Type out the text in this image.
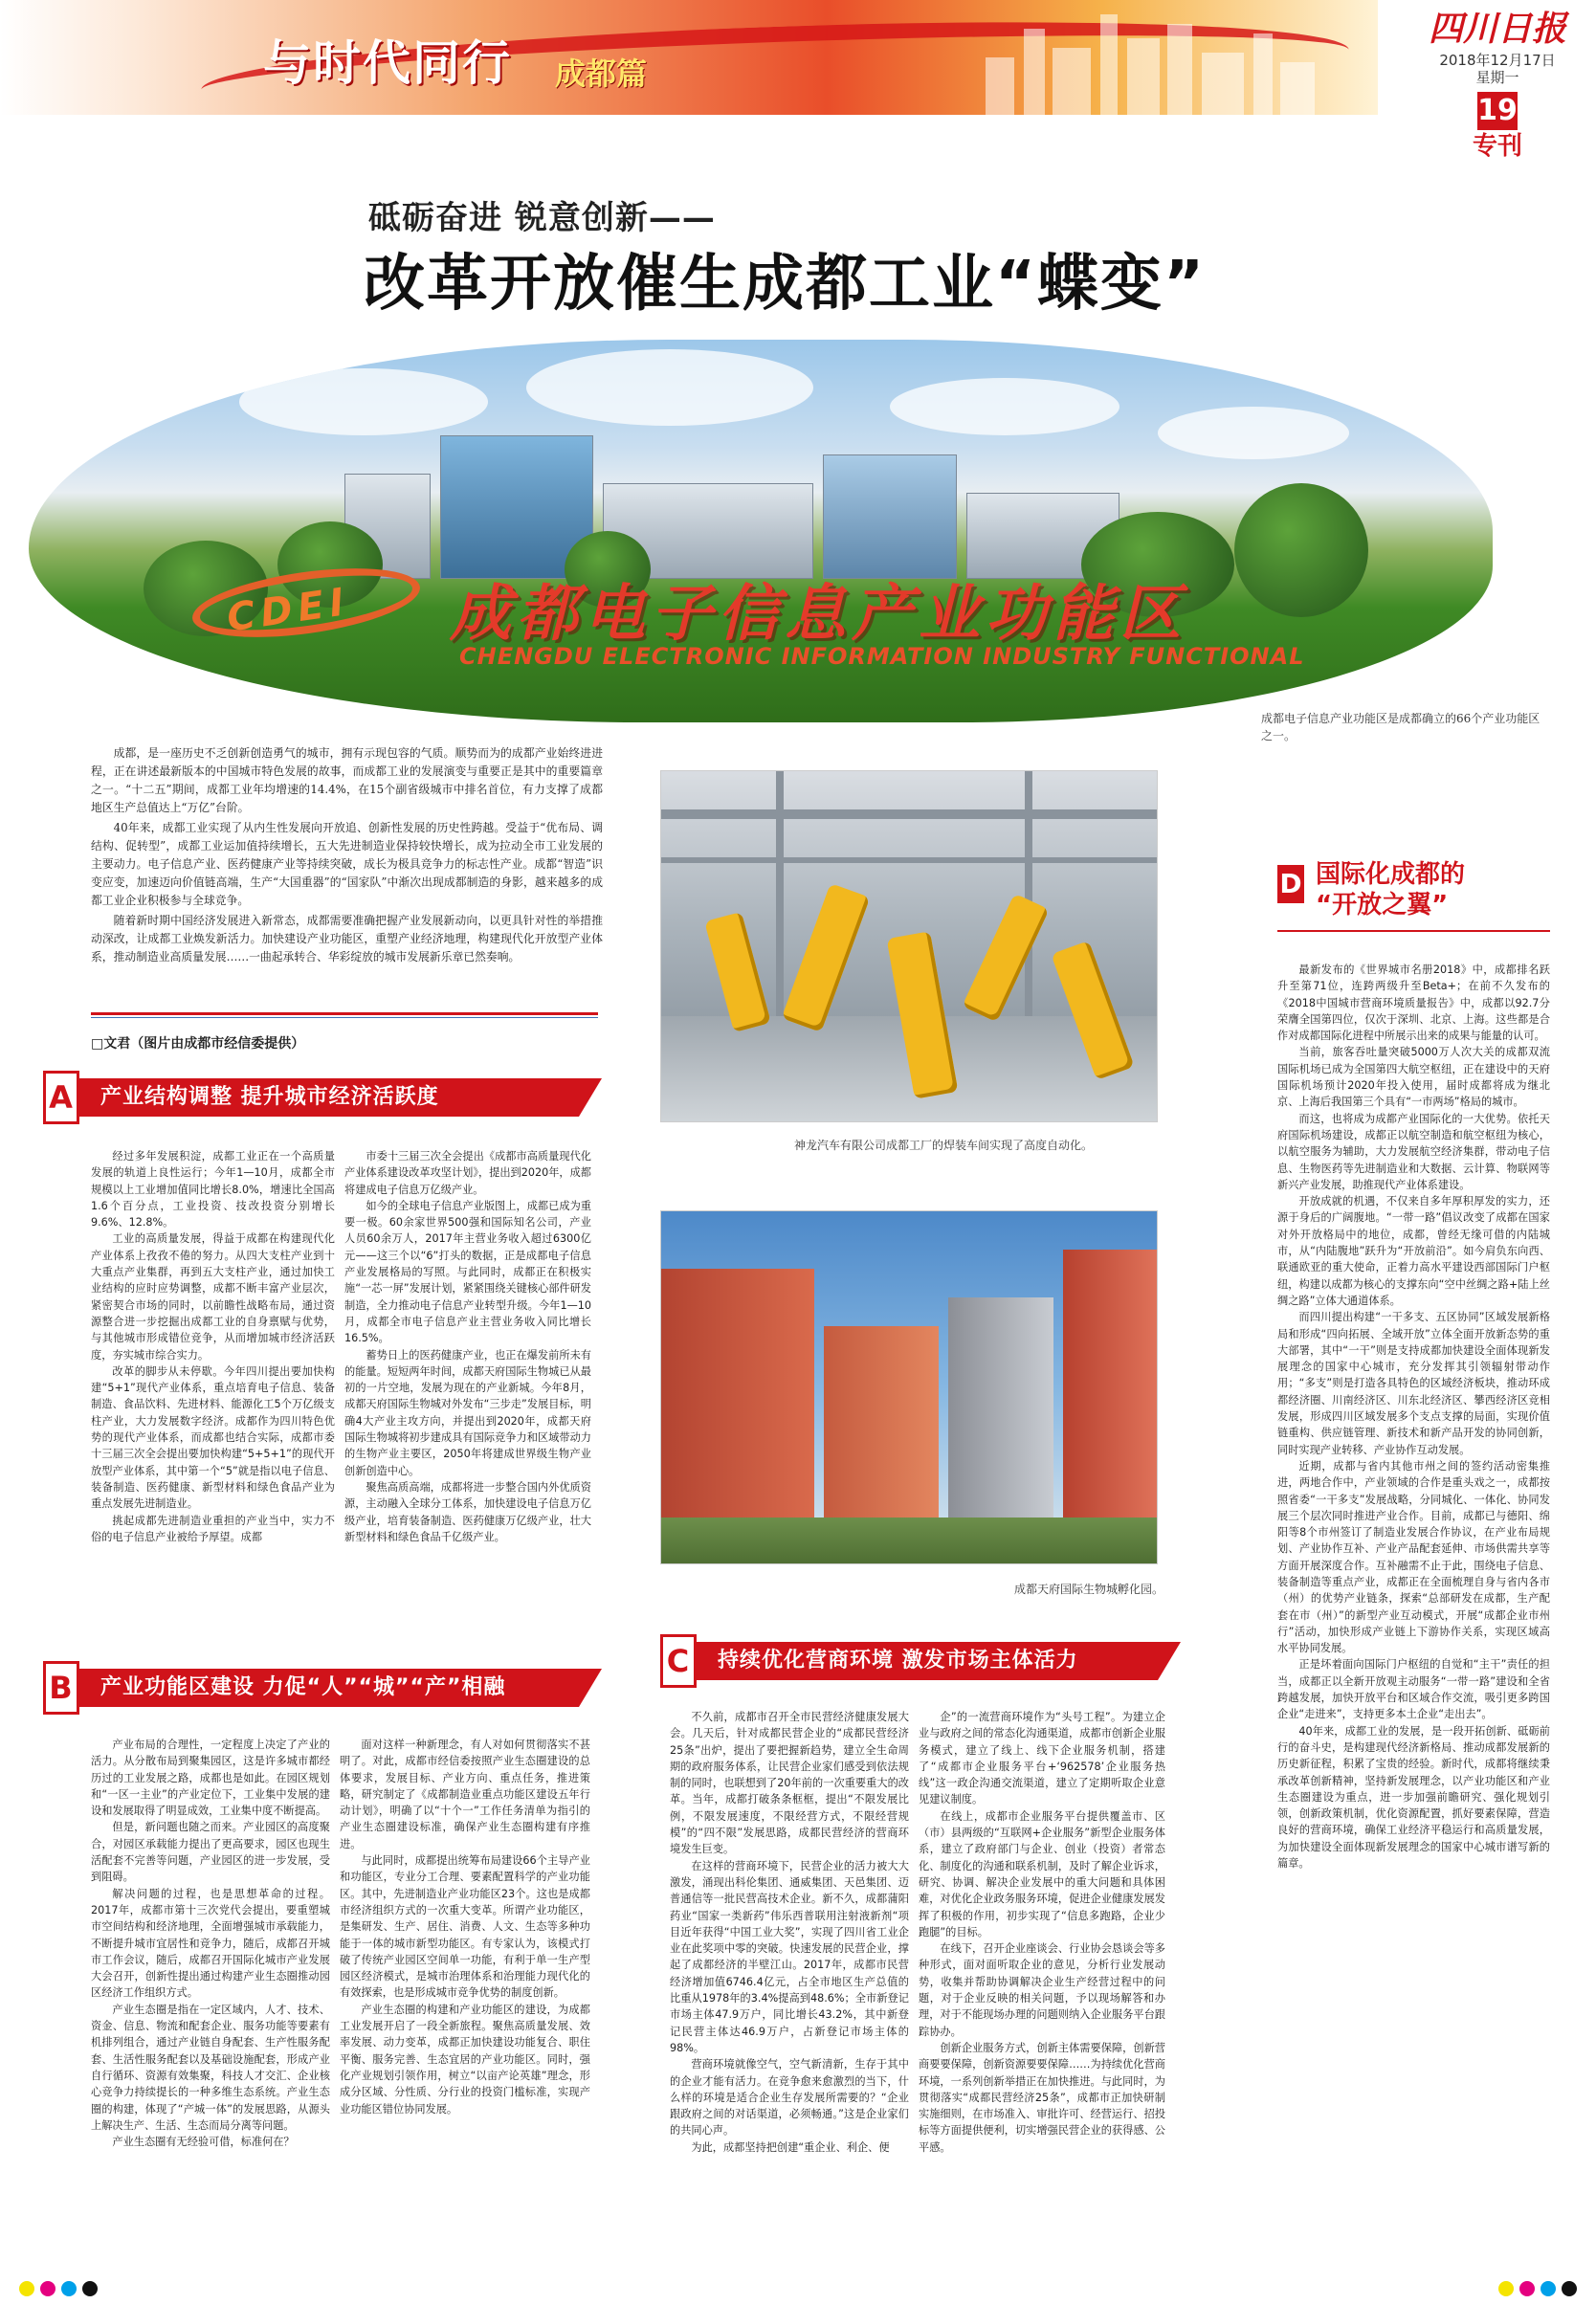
与时代同行 成都篇
四川日报
2018年12月17日
星期一
19
专刊
砥砺奋进 锐意创新——
改革开放催生成都工业“蝶变”
CDEI 成都电子信息产业功能区
CHENGDU ELECTRONIC INFORMATION INDUSTRY FUNCTIONAL
成都电子信息产业功能区是成都确立的66个产业功能区之一。

成都，是一座历史不乏创新创造勇气的城市，拥有示现包容的气质。顺势而为的成都产业始终进进程，正在讲述最新版本的中国城市特色发展的故事，而成都工业的发展演变与重要正是其中的重要篇章之一。“十二五”期间，成都工业年均增速的14.4%，在15个副省级城市中排名首位，有力支撑了成都地区生产总值达上“万亿”台阶。

40年来，成都工业实现了从内生性发展向开放追、创新性发展的历史性跨越。受益于“优布局、调结构、促转型”，成都工业运加值持续增长，五大先进制造业保持较快增长，成为拉动全市工业发展的主要动力。电子信息产业、医药健康产业等持续突破，成长为极具竞争力的标志性产业。成都“智造”识变应变，加速迈向价值链高端，生产“大国重器”的“国家队”中渐次出现成都制造的身影，越来越多的成都工业企业积极参与全球竞争。

随着新时期中国经济发展进入新常态，成都需要准确把握产业发展新动向，以更具针对性的举措推动深改，让成都工业焕发新活力。加快建设产业功能区，重塑产业经济地理，构建现代化开放型产业体系，推动制造业高质量发展……一曲起承转合、华彩绽放的城市发展新乐章已然奏响。

□文君（图片由成都市经信委提供）
神龙汽车有限公司成都工厂的焊装车间实现了高度自动化。
成都天府国际生物城孵化园。
A 产业结构调整 提升城市经济活跃度

经过多年发展积淀，成都工业正在一个高质量发展的轨道上良性运行；今年1—10月，成都全市规模以上工业增加值同比增长8.0%，增速比全国高1.6个百分点，工业投资、技改投资分别增长9.6%、12.8%。

工业的高质量发展，得益于成都在构建现代化产业体系上孜孜不倦的努力。从四大支柱产业到十大重点产业集群，再到五大支柱产业，通过加快工业结构的应时应势调整，成都不断丰富产业层次，紧密契合市场的同时，以前瞻性战略布局，通过资源整合进一步挖掘出成都工业的自身禀赋与优势，与其他城市形成错位竞争，从而增加城市经济活跃度，夯实城市综合实力。

改革的脚步从未停歇。今年四川提出要加快构建“5+1”现代产业体系，重点培育电子信息、装备制造、食品饮料、先进材料、能源化工5个万亿级支柱产业，大力发展数字经济。成都作为四川特色优势的现代产业体系，而成都也结合实际，成都市委十三届三次全会提出要加快构建“5+5+1”的现代开放型产业体系，其中第一个“5”就是指以电子信息、装备制造、医药健康、新型材料和绿色食品产业为重点发展先进制造业。

挑起成都先进制造业重担的产业当中，实力不俗的电子信息产业被给予厚望。成都

市委十三届三次全会提出《成都市高质量现代化产业体系建设改革攻坚计划》，提出到2020年，成都将建成电子信息万亿级产业。

如今的全球电子信息产业版图上，成都已成为重要一极。60余家世界500强和国际知名公司，产业人员60余万人，2017年主营业务收入超过6300亿元——这三个以“6”打头的数据，正是成都电子信息产业发展格局的写照。与此同时，成都正在积极实施“一芯一屏”发展计划，紧紧围绕关键核心部件研发制造，全力推动电子信息产业转型升级。今年1—10月，成都全市电子信息产业主营业务收入同比增长16.5%。

蓄势日上的医药健康产业，也正在爆发前所未有的能量。短短两年时间，成都天府国际生物城已从最初的一片空地，发展为现在的产业新城。今年8月，成都天府国际生物城对外发布“三步走”发展目标，明确4大产业主攻方向，并提出到2020年，成都天府国际生物城将初步建成具有国际竞争力和区域带动力的生物产业主要区，2050年将建成世界级生物产业创新创造中心。

聚焦高质高端，成都将进一步整合国内外优质资源，主动融入全球分工体系，加快建设电子信息万亿级产业，培育装备制造、医药健康万亿级产业，壮大新型材料和绿色食品千亿级产业。

B 产业功能区建设 力促“人”“城”“产”相融

产业布局的合理性，一定程度上决定了产业的活力。从分散布局到聚集园区，这是许多城市都经历过的工业发展之路，成都也是如此。在园区规划和“一区一主业”的产业定位下，工业集中发展的建设和发展取得了明显成效，工业集中度不断提高。

但是，新问题也随之而来。产业园区的高度聚合，对园区承载能力提出了更高要求，园区也现生活配套不完善等问题，产业园区的进一步发展，受到阻碍。

解决问题的过程，也是思想革命的过程。2017年，成都市第十三次党代会提出，要重塑城市空间结构和经济地理，全面增强城市承载能力，不断提升城市宜居性和竞争力，随后，成都召开城市工作会议，随后，成都召开国际化城市产业发展大会召开，创新性提出通过构建产业生态圈推动园区经济工作组织方式。

产业生态圈是指在一定区域内，人才、技术、资金、信息、物流和配套企业、服务功能等要素有机排列组合，通过产业链自身配套、生产性服务配套、生活性服务配套以及基础设施配套，形成产业自行循环、资源有效集聚，科技人才交汇、企业核心竞争力持续提长的一种多维生态系统。产业生态圈的构建，体现了“产城一体”的发展思路，从源头上解决生产、生活、生态而局分离等问题。

产业生态圈有无经验可借，标准何在？

面对这样一种新理念，有人对如何贯彻落实不甚明了。对此，成都市经信委按照产业生态圈建设的总体要求，发展目标、产业方向、重点任务，推进策略，研究制定了《成都制造业重点功能区建设五年行动计划》，明确了以“十个一”工作任务清单为指引的产业生态圈建设标准，确保产业生态圈构建有序推进。

与此同时，成都提出统筹布局建设66个主导产业和功能区，专业分工合理、要素配置科学的产业功能区。其中，先进制造业产业功能区23个。这也是成都市经济组织方式的一次重大变革。所谓产业功能区，是集研发、生产、居住、消费、人文、生态等多种功能于一体的城市新型功能区。有专家认为，该模式打破了传统产业园区空间单一功能，有利于单一生产型园区经济模式，是城市治理体系和治理能力现代化的有效探索，也是形成城市竞争优势的制度创新。

产业生态圈的构建和产业功能区的建设，为成都工业发展开启了一段全新旅程。聚焦高质量发展、效率发展、动力变革，成都正加快建设功能复合、职住平衡、服务完善、生态宜居的产业功能区。同时，强化产业规划引领作用，树立“以亩产论英雄”理念，形成分区域、分性质、分行业的投资门槛标准，实现产业功能区错位协同发展。

C	持续优化营商环境 激发市场主体活力

不久前，成都市召开全市民营经济健康发展大会。几天后，针对成都民营企业的“成都民营经济25条”出炉，提出了要把握新趋势，建立全生命周期的政府服务体系，让民营企业家们感受到依法规制的同时，也联想到了20年前的一次重要重大的改革。当年，成都打破条条框框，提出“不限发展比例，不限发展速度，不限经营方式，不限经营规模”的“四不限”发展思路，成都民营经济的营商环境发生巨变。

在这样的营商环境下，民营企业的活力被大大激发，涌现出科伦集团、通威集团、天邑集团、迈普通信等一批民营高技术企业。新不久，成都蒲阳药业“国家一类新药”伟乐西普联用注射液新剂“项目近年获得“中国工业大奖”，实现了四川省工业企业在此奖项中零的突破。快速发展的民营企业，撑起了成都经济的半壁江山。2017年，成都市民营经济增加值6746.4亿元，占全市地区生产总值的比重从1978年的3.4%提高到48.6%；全市新登记市场主体47.9万户，同比增长43.2%，其中新登记民营主体达46.9万户，占新登记市场主体的98%。

营商环境就像空气，空气新清新，生存于其中的企业才能有活力。在竞争愈来愈激烈的当下，什么样的环境是适合企业生存发展所需要的？“企业跟政府之间的对话渠道，必须畅通。”这是企业家们的共同心声。

为此，成都坚持把创建“重企业、利企、便

企”的一流营商环境作为“头号工程”。为建立企业与政府之间的常态化沟通渠道，成都市创新企业服务模式，建立了线上、线下企业服务机制，搭建了“成都市企业服务平台+‘962578’企业服务热线”这一政企沟通交流渠道，建立了定期听取企业意见建议制度。

在线上，成都市企业服务平台提供覆盖市、区（市）县两级的“互联网+企业服务”新型企业服务体系，建立了政府部门与企业、创业（投资）者常态化、制度化的沟通和联系机制，及时了解企业诉求，研究、协调、解决企业发展中的重大问题和具体困难，对优化企业政务服务环境，促进企业健康发展发挥了积极的作用，初步实现了“信息多跑路，企业少跑腿”的目标。

在线下，召开企业座谈会、行业协会恳谈会等多种形式，面对面听取企业的意见，分析行业发展动势，收集并帮助协调解决企业生产经营过程中的问题，对于企业反映的相关问题，予以现场解答和办理，对于不能现场办理的问题则纳入企业服务平台跟踪协办。

创新企业服务方式，创新主体需要保障，创新营商要要保障，创新资源要要保障……为持续优化营商环境，一系列创新举措正在加快推进。与此同时，为贯彻落实“成都民营经济25条”，成都市正加快研制实施细则，在市场准入、审批许可、经营运行、招投标等方面提供便利，切实增强民营企业的获得感、公平感。

D 国际化成都的
“开放之翼”

最新发布的《世界城市名册2018》中，成都排名跃升至第71位，连跨两级升至Beta+；在前不久发布的《2018中国城市营商环境质量报告》中，成都以92.7分荣膺全国第四位，仅次于深圳、北京、上海。这些都是合作对成都国际化进程中所展示出来的成果与能量的认可。

当前，旅客吞吐量突破5000万人次大关的成都双流国际机场已成为全国第四大航空枢纽，正在建设中的天府国际机场预计2020年投入使用，届时成都将成为继北京、上海后我国第三个具有“一市两场”格局的城市。

而这，也将成为成都产业国际化的一大优势。依托天府国际机场建设，成都正以航空制造和航空枢纽为核心，以航空服务为辅助，大力发展航空经济集群，带动电子信息、生物医药等先进制造业和大数据、云计算、物联网等新兴产业发展，助推现代产业体系建设。

开放成就的机遇，不仅来自多年厚积厚发的实力，还源于身后的广阔腹地。“一带一路”倡议改变了成都在国家对外开放格局中的地位，成都，曾经无缘可借的内陆城市，从“内陆腹地”跃升为“开放前沿”。如今肩负东向西、联通欧亚的重大使命，正着力高水平建设西部国际门户枢纽，构建以成都为核心的支撑东向“空中丝绸之路+陆上丝绸之路”立体大通道体系。

而四川提出构建“一干多支、五区协同”区域发展新格局和形成“四向拓展、全域开放”立体全面开放新态势的重大部署，其中“一干”则是支持成都加快建设全面体现新发展理念的国家中心城市，充分发挥其引领辐射带动作用；“多支”则是打造各具特色的区域经济板块，推动环成都经济圈、川南经济区、川东北经济区、攀西经济区竞相发展，形成四川区域发展多个支点支撑的局面，实现价值链重构、供应链管理、新技术和新产品开发的协同创新，同时实现产业转移、产业协作互动发展。

近期，成都与省内其他市州之间的签约活动密集推进，两地合作中，产业领域的合作是重头戏之一，成都按照省委“一干多支”发展战略，分同城化、一体化、协同发展三个层次同时推进产业合作。目前，成都已与德阳、绵阳等8个市州签订了制造业发展合作协议，在产业布局规划、产业协作互补、产业产品配套延伸、市场供需共享等方面开展深度合作。互补融需不止于此，围绕电子信息、装备制造等重点产业，成都正在全面梳理自身与省内各市（州）的优势产业链条，探索“总部研发在成都，生产配套在市（州）”的新型产业互动模式，开展“成都企业市州行”活动，加快形成产业链上下游协作关系，实现区域高水平协同发展。

正是坏着面向国际门户枢纽的自觉和“主干”责任的担当，成都正以全新开放观主动服务“一带一路”建设和全省跨越发展，加快开放平台和区域合作交流，吸引更多跨国企业“走进来”，支持更多本土企业“走出去”。

40年来，成都工业的发展，是一段开拓创新、砥砺前行的奋斗史，是构建现代经济新格局、推动成都发展新的历史新征程，积累了宝贵的经验。新时代，成都将继续秉承改革创新精神，坚持新发展理念，以产业功能区和产业生态圈建设为重点，进一步加强前瞻研究、强化规划引领，创新政策机制，优化资源配置，抓好要素保障，营造良好的营商环境，确保工业经济平稳运行和高质量发展，为加快建设全面体现新发展理念的国家中心城市谱写新的篇章。
